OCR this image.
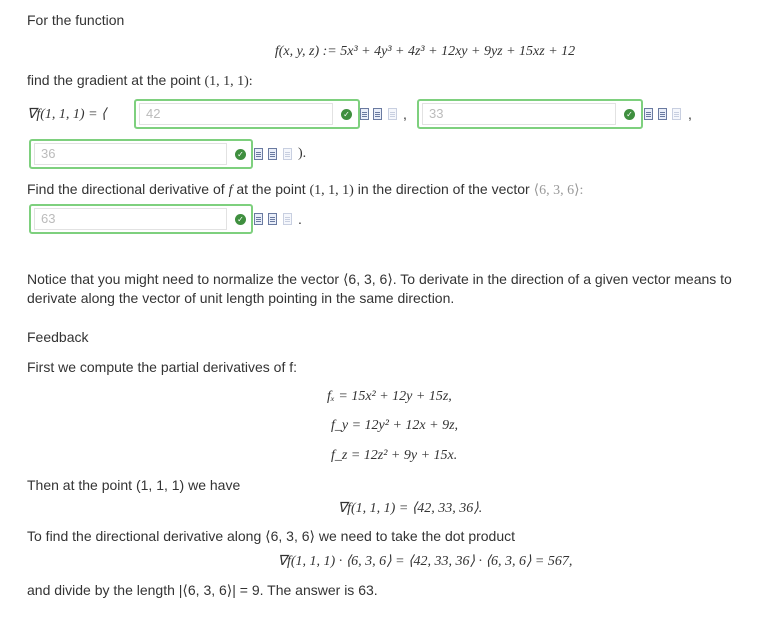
For the function
f(x, y, z) := 5x³ + 4y³ + 4z³ + 12xy + 9yz + 15xz + 12
find the gradient at the point (1, 1, 1):
∇f(1, 1, 1) = ⟨	42	✓	,	33	✓	,
36	✓	).
Find the directional derivative of f at the point (1, 1, 1) in the direction of the vector ⟨6, 3, 6⟩:
63	✓	.
Notice that you might need to normalize the vector ⟨6, 3, 6⟩. To derivate in the direction of a given vector means to derivate along the vector of unit length pointing in the same direction.
Feedback
First we compute the partial derivatives of f:
fₓ = 15x² + 12y + 15z,
f_y = 12y² + 12x + 9z,
f_z = 12z² + 9y + 15x.
Then at the point (1, 1, 1) we have
∇f(1, 1, 1) = ⟨42, 33, 36⟩.
To find the directional derivative along ⟨6, 3, 6⟩ we need to take the dot product
∇f(1, 1, 1) · ⟨6, 3, 6⟩ = ⟨42, 33, 36⟩ · ⟨6, 3, 6⟩ = 567,
and divide by the length |⟨6, 3, 6⟩| = 9. The answer is 63.
